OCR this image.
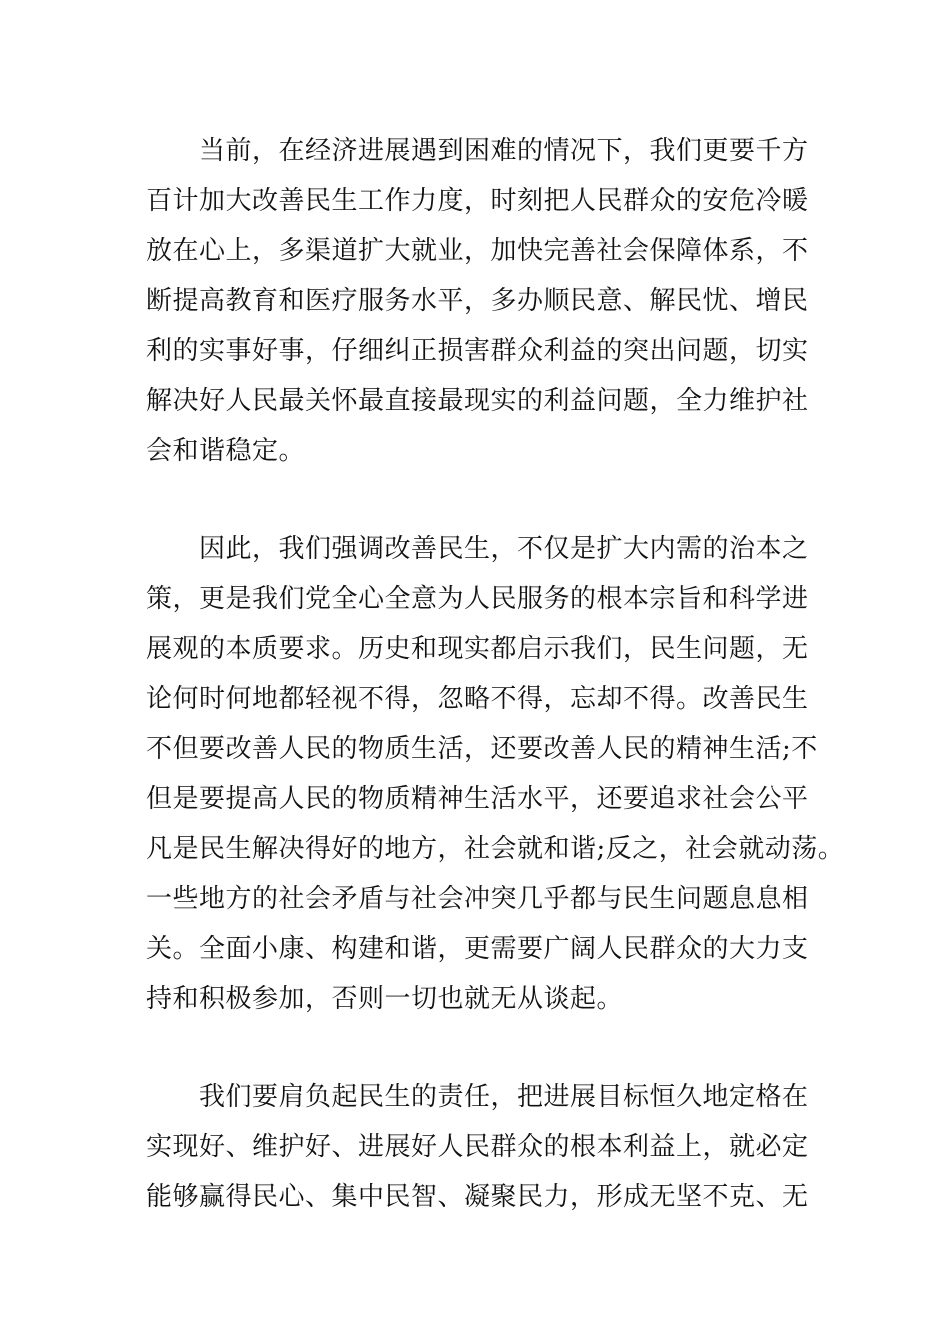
　　当前，在经济进展遇到困难的情况下，我们更要千方
百计加大改善民生工作力度，时刻把人民群众的安危冷暖
放在心上，多渠道扩大就业，加快完善社会保障体系，不
断提高教育和医疗服务水平，多办顺民意、解民忧、增民
利的实事好事，仔细纠正损害群众利益的突出问题，切实
解决好人民最关怀最直接最现实的利益问题，全力维护社
会和谐稳定。
　　因此，我们强调改善民生，不仅是扩大内需的治本之
策，更是我们党全心全意为人民服务的根本宗旨和科学进
展观的本质要求。历史和现实都启示我们，民生问题，无
论何时何地都轻视不得，忽略不得，忘却不得。改善民生
不但要改善人民的物质生活，还要改善人民的精神生活;不
但是要提高人民的物质精神生活水平，还要追求社会公平
凡是民生解决得好的地方，社会就和谐;反之，社会就动荡。
一些地方的社会矛盾与社会冲突几乎都与民生问题息息相
关。全面小康、构建和谐，更需要广阔人民群众的大力支
持和积极参加，否则一切也就无从谈起。
　　我们要肩负起民生的责任，把进展目标恒久地定格在
实现好、维护好、进展好人民群众的根本利益上，就必定
能够赢得民心、集中民智、凝聚民力，形成无坚不克、无
